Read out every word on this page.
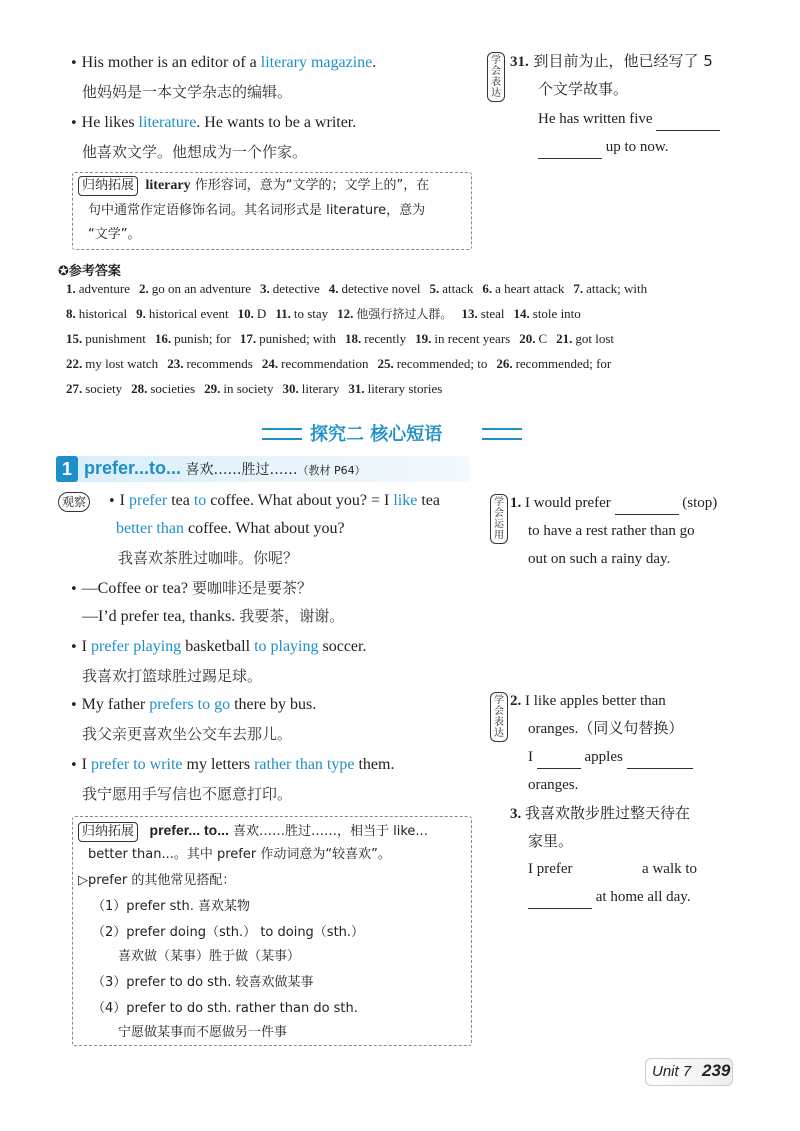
• His mother is an editor of a literary magazine.
他妈妈是一本文学杂志的编辑。
• He likes literature. He wants to be a writer.
他喜欢文学。他想成为一个作家。
归纳拓展 literary 作形容词，意为“文学的；文学上的”，在
句中通常作定语修饰名词。其名词形式是 literature，意为
“文学”。
学会表达
31. 到目前为止，他已经写了 5
个文学故事。
He has written five
up to now.
✪参考答案
1. adventure 2. go on an adventure 3. detective 4. detective novel 5. attack 6. a heart attack 7. attack; with
8. historical 9. historical event 10. D 11. to stay 12. 他强行挤过人群。 13. steal 14. stole into
15. punishment 16. punish; for 17. punished; with 18. recently 19. in recent years 20. C 21. got lost
22. my lost watch 23. recommends 24. recommendation 25. recommended; to 26. recommended; for
27. society 28. societies 29. in society 30. literary 31. literary stories
探究二 核心短语
1 prefer...to... 喜欢……胜过……（教材 P64）
观察	• I prefer tea to coffee. What about you? = I like tea
better than coffee. What about you?
我喜欢茶胜过咖啡。你呢？
• —Coffee or tea? 要咖啡还是要茶？
—I’d prefer tea, thanks. 我要茶，谢谢。
• I prefer playing basketball to playing soccer.
我喜欢打篮球胜过踢足球。
• My father prefers to go there by bus.
我父亲更喜欢坐公交车去那儿。
• I prefer to write my letters rather than type them.
我宁愿用手写信也不愿意打印。
归纳拓展 prefer... to... 喜欢……胜过……，相当于 like...
better than...。其中 prefer 作动词意为“较喜欢”。
▷prefer 的其他常见搭配：
（1）prefer sth. 喜欢某物
（2）prefer doing（sth.） to doing（sth.）
喜欢做（某事）胜于做（某事）
（3）prefer to do sth. 较喜欢做某事
（4）prefer to do sth. rather than do sth.
宁愿做某事而不愿做另一件事
学会运用
1. I would prefer	(stop)
to have a rest rather than go
out on such a rainy day.
学会表达
2. I like apples better than
oranges.（同义句替换）
I	apples
oranges.
3. 我喜欢散步胜过整天待在
家里。
I prefer	a walk to
at home all day.
Unit 7 239
